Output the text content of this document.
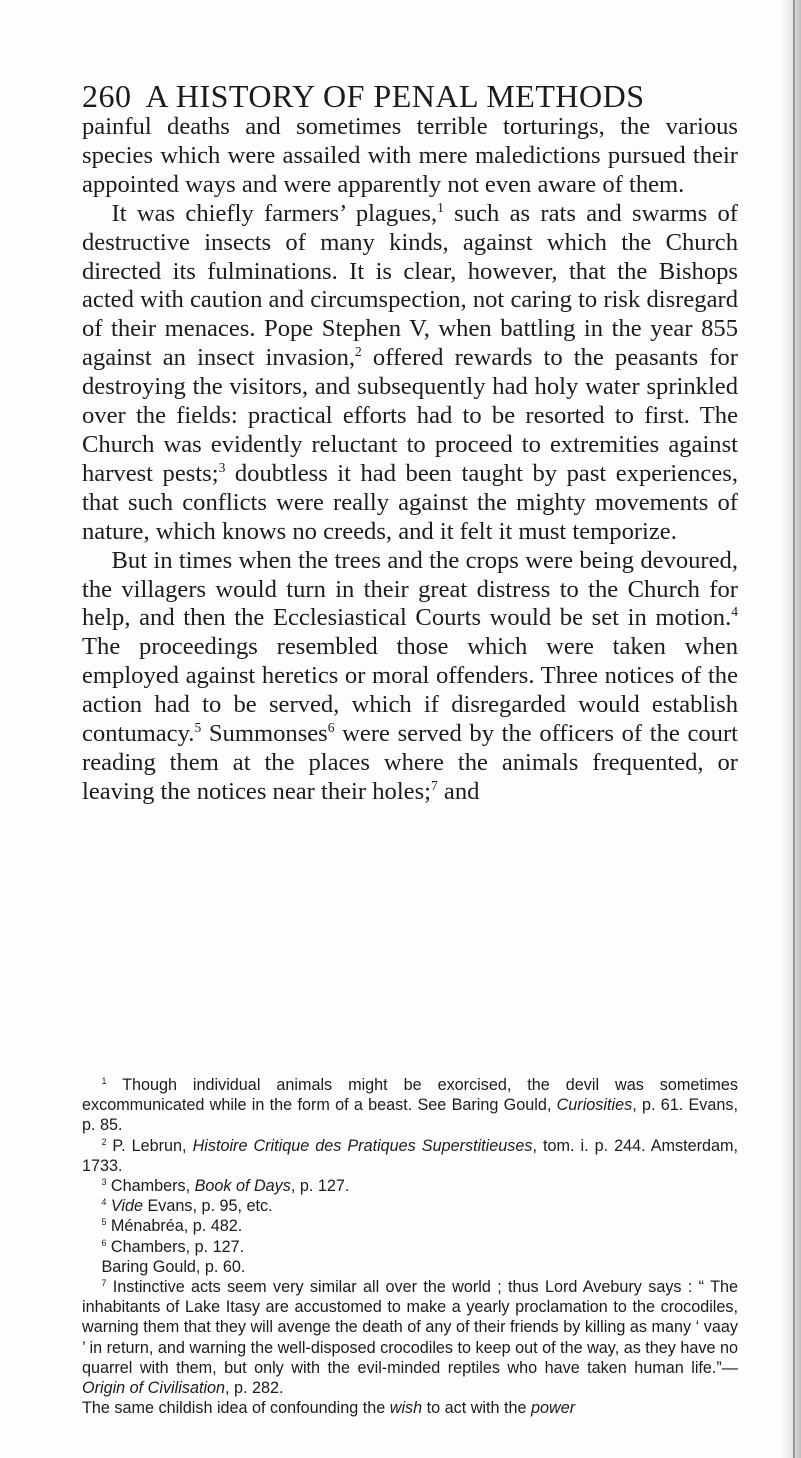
260 A HISTORY OF PENAL METHODS

painful deaths and sometimes terrible torturings, the various species which were assailed with mere maledictions pursued their appointed ways and were apparently not even aware of them.

It was chiefly farmers’ plagues,$^1$ such as rats and swarms of destructive insects of many kinds, against which the Church directed its fulminations. It is clear, however, that the Bishops acted with caution and circumspection, not caring to risk disregard of their menaces. Pope Stephen V, when battling in the year 855 against an insect invasion,$^2$ offered rewards to the peasants for destroying the visitors, and subsequently had holy water sprinkled over the fields: practical efforts had to be resorted to first. The Church was evidently reluctant to proceed to extremities against harvest pests;$^3$ doubtless it had been taught by past experiences, that such conflicts were really against the mighty movements of nature, which knows no creeds, and it felt it must temporize.

But in times when the trees and the crops were being devoured, the villagers would turn in their great distress to the Church for help, and then the Ecclesiastical Courts would be set in motion.$^4$ The proceedings resembled those which were taken when employed against heretics or moral offenders. Three notices of the action had to be served, which if disregarded would establish contumacy.$^5$ Summonses$^6$ were served by the officers of the court reading them at the places where the animals frequented, or leaving the notices near their holes;$^7$ and

$^1$ Though individual animals might be exorcised, the devil was sometimes excommunicated while in the form of a beast. See Baring Gould, Curiosities, p. 61. Evans, p. 85.

$^2$ P. Lebrun, Histoire Critique des Pratiques Superstitieuses, tom. i. p. 244. Amsterdam, 1733.

$^3$ Chambers, Book of Days, p. 127.

$^4$ Vide Evans, p. 95, etc.

$^5$ Ménabréa, p. 482.

$^6$ Chambers, p. 127.

Baring Gould, p. 60.

$^7$ Instinctive acts seem very similar all over the world ; thus Lord Avebury says : “ The inhabitants of Lake Itasy are accustomed to make a yearly proclamation to the crocodiles, warning them that they will avenge the death of any of their friends by killing as many ‘ vaay ’ in return, and warning the well-disposed crocodiles to keep out of the way, as they have no quarrel with them, but only with the evil-minded reptiles who have taken human life.”—Origin of Civilisation, p. 282.

The same childish idea of confounding the wish to act with the power
